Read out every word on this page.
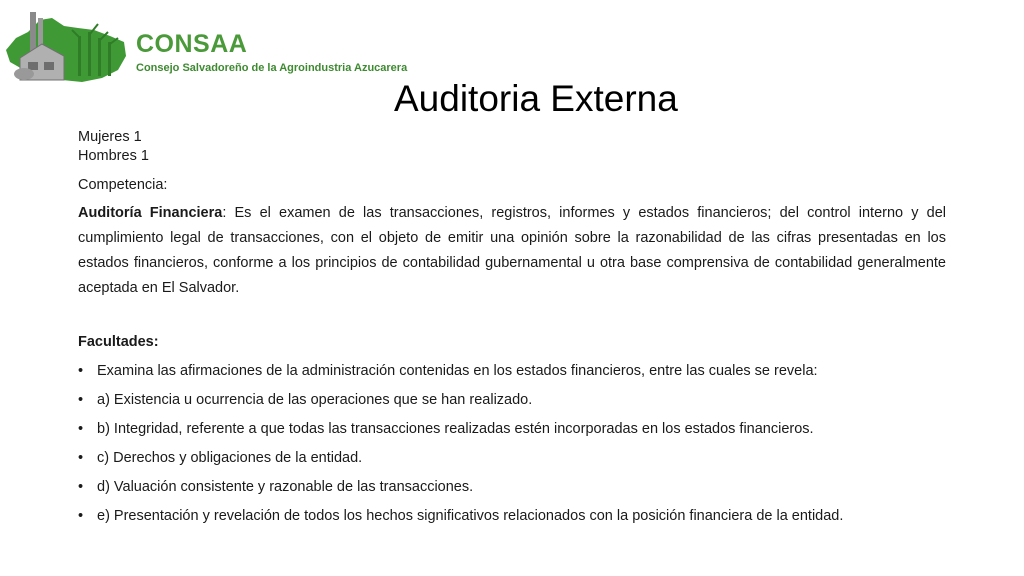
CONSAA
Consejo Salvadoreño de la Agroindustria Azucarera
Auditoria Externa
Mujeres 1
Hombres 1
Competencia:
Auditoría Financiera: Es el examen de las transacciones, registros, informes y estados financieros; del control interno y del cumplimiento legal de transacciones, con el objeto de emitir una opinión sobre la razonabilidad de las cifras presentadas en los estados financieros, conforme a los principios de contabilidad gubernamental u otra base comprensiva de contabilidad generalmente aceptada en El Salvador.
Facultades:
• Examina las afirmaciones de la administración contenidas en los estados financieros, entre las cuales se revela:
• a) Existencia u ocurrencia de las operaciones que se han realizado.
• b) Integridad, referente a que todas las transacciones realizadas estén incorporadas en los estados financieros.
• c) Derechos y obligaciones de la entidad.
• d) Valuación consistente y razonable de las transacciones.
• e) Presentación y revelación de todos los hechos significativos relacionados con la posición financiera de la entidad.
